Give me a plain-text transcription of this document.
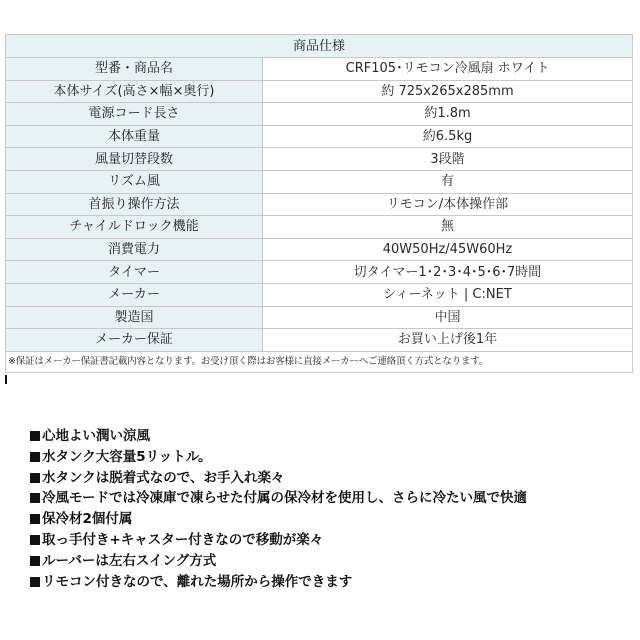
商品仕様	
型番・商品名	CRF105･リモコン冷風扇 ホワイト
本体サイズ(高さ×幅×奥行)	約 725x265x285mm
電源コード長さ	約1.8m
本体重量	約6.5kg
風量切替段数	3段階
リズム風	有
首振り操作方法	リモコン/本体操作部
チャイルドロック機能	無
消費電力	40W50Hz/45W60Hz
タイマー	切タイマー1･2･3･4･5･6･7時間
メーカー	シィーネット | C:NET
製造国	中国
メーカー保証	お買い上げ後1年
※保証はメーカー保証書記載内容となります。お受け頂く際はお客様に直接メーカーへご連絡頂く方式となります。	
心地よい潤い涼風
水タンク大容量5リットル。
水タンクは脱着式なので、お手入れ楽々
冷風モードでは冷凍庫で凍らせた付属の保冷材を使用し、さらに冷たい風で快適
保冷材2個付属
取っ手付き+キャスター付きなので移動が楽々
ルーバーは左右スイング方式
リモコン付きなので、離れた場所から操作できます
